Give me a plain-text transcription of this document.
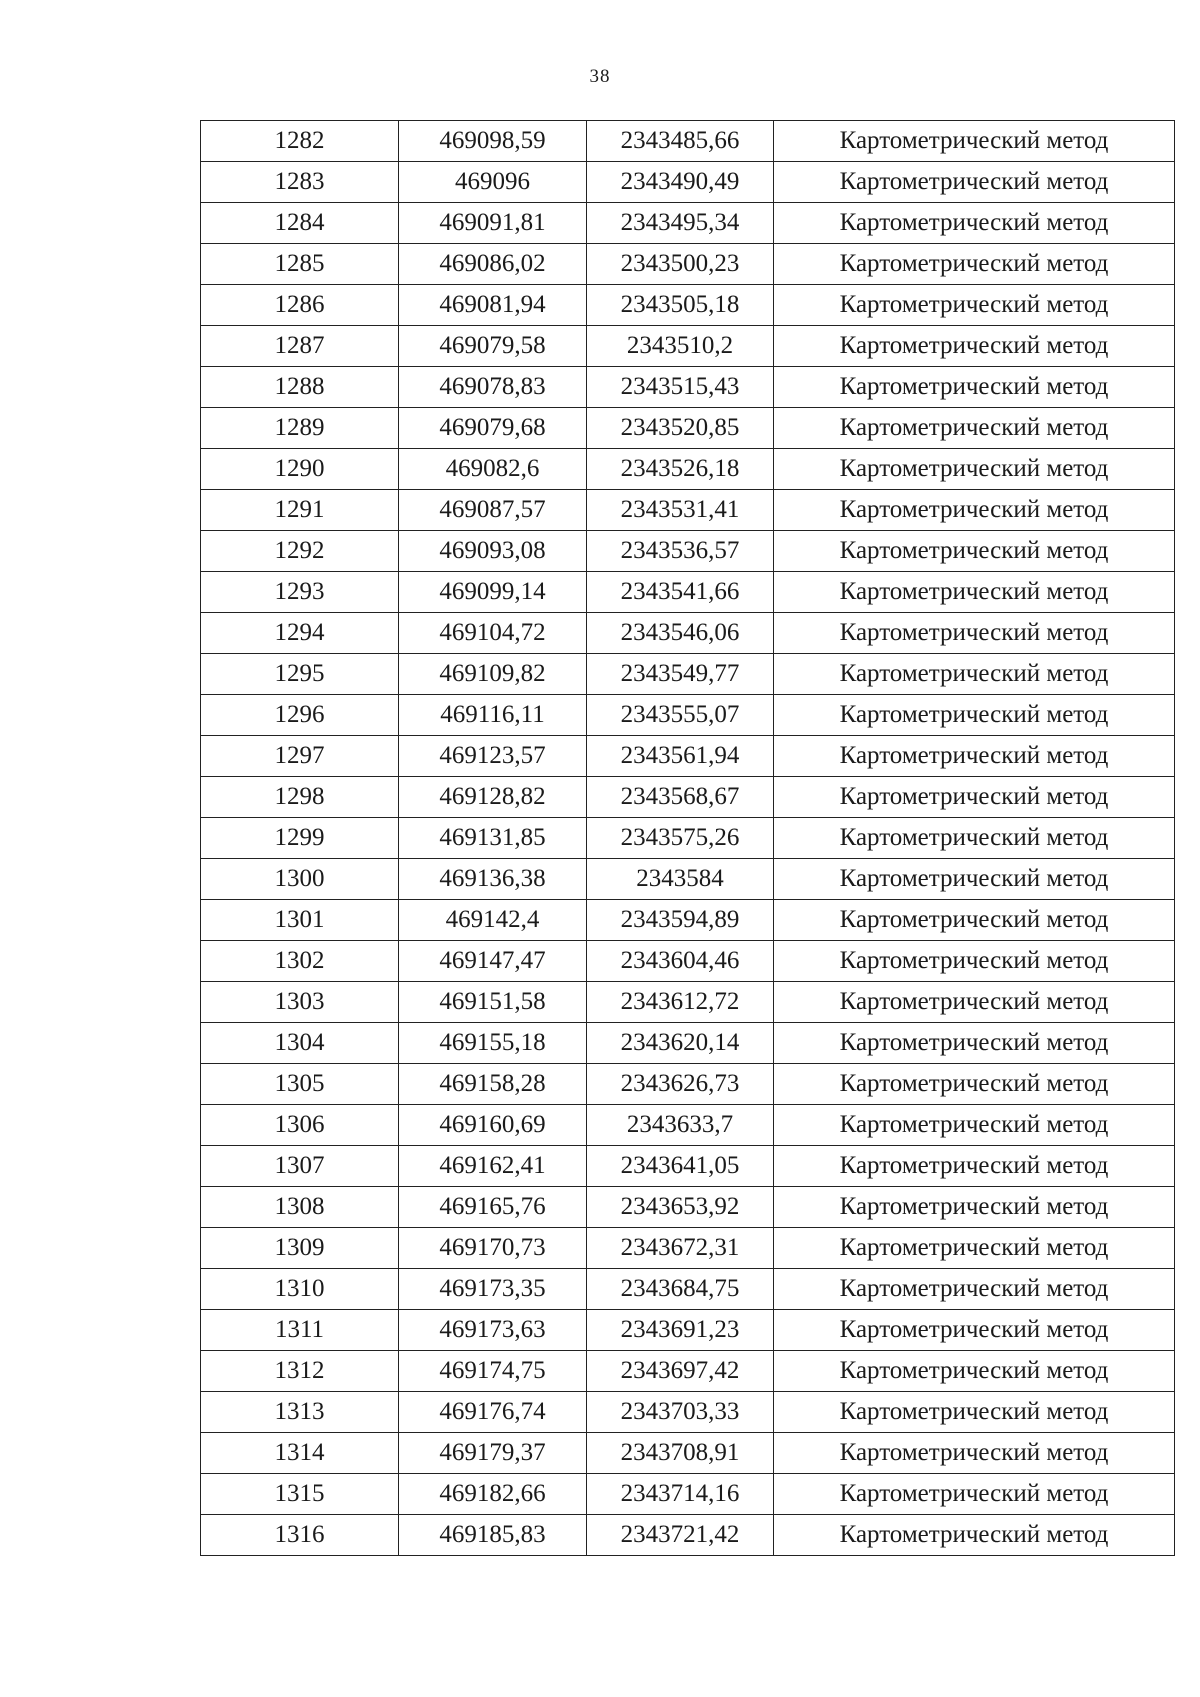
38
1282	469098,59	2343485,66	Картометрический метод
1283	469096	2343490,49	Картометрический метод
1284	469091,81	2343495,34	Картометрический метод
1285	469086,02	2343500,23	Картометрический метод
1286	469081,94	2343505,18	Картометрический метод
1287	469079,58	2343510,2	Картометрический метод
1288	469078,83	2343515,43	Картометрический метод
1289	469079,68	2343520,85	Картометрический метод
1290	469082,6	2343526,18	Картометрический метод
1291	469087,57	2343531,41	Картометрический метод
1292	469093,08	2343536,57	Картометрический метод
1293	469099,14	2343541,66	Картометрический метод
1294	469104,72	2343546,06	Картометрический метод
1295	469109,82	2343549,77	Картометрический метод
1296	469116,11	2343555,07	Картометрический метод
1297	469123,57	2343561,94	Картометрический метод
1298	469128,82	2343568,67	Картометрический метод
1299	469131,85	2343575,26	Картометрический метод
1300	469136,38	2343584	Картометрический метод
1301	469142,4	2343594,89	Картометрический метод
1302	469147,47	2343604,46	Картометрический метод
1303	469151,58	2343612,72	Картометрический метод
1304	469155,18	2343620,14	Картометрический метод
1305	469158,28	2343626,73	Картометрический метод
1306	469160,69	2343633,7	Картометрический метод
1307	469162,41	2343641,05	Картометрический метод
1308	469165,76	2343653,92	Картометрический метод
1309	469170,73	2343672,31	Картометрический метод
1310	469173,35	2343684,75	Картометрический метод
1311	469173,63	2343691,23	Картометрический метод
1312	469174,75	2343697,42	Картометрический метод
1313	469176,74	2343703,33	Картометрический метод
1314	469179,37	2343708,91	Картометрический метод
1315	469182,66	2343714,16	Картометрический метод
1316	469185,83	2343721,42	Картометрический метод
